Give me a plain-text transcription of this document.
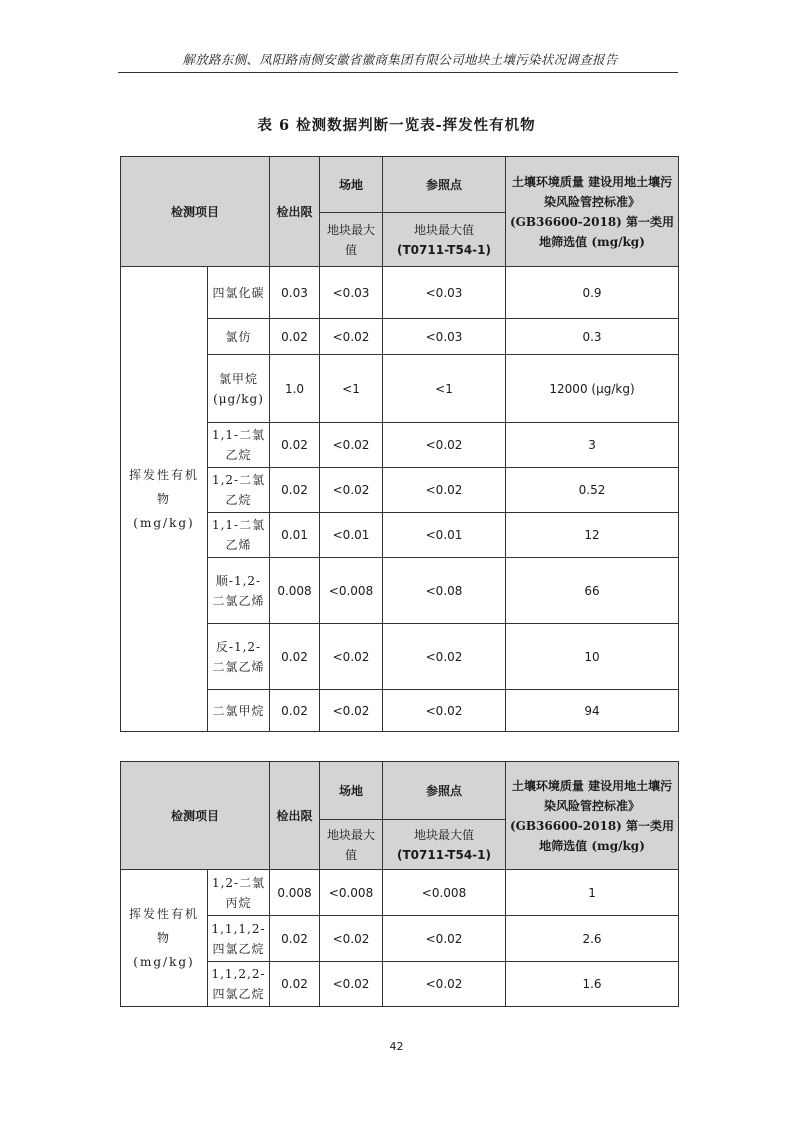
解放路东侧、凤阳路南侧安徽省徽商集团有限公司地块土壤污染状况调查报告
表 6 检测数据判断一览表-挥发性有机物
检测项目		检出限	场地	参照点	土壤环境质量 建设用地土壤污染风险管控标准》(GB36600-2018) 第一类用地筛选值 (mg/kg)
			地块最大值	地块最大值
(T0711-T54-1)	

挥发性有机物 (mg/kg)	四氯化碳	0.03	<0.03	<0.03	0.9
	氯仿	0.02	<0.02	<0.03	0.3
	氯甲烷 (μg/kg)	1.0	<1	<1	12000 (μg/kg)
	1,1-二氯乙烷	0.02	<0.02	<0.02	3
	1,2-二氯乙烷	0.02	<0.02	<0.02	0.52
	1,1-二氯乙烯	0.01	<0.01	<0.01	12
	顺-1,2-二氯乙烯	0.008	<0.008	<0.08	66
	反-1,2-二氯乙烯	0.02	<0.02	<0.02	10
	二氯甲烷	0.02	<0.02	<0.02	94
检测项目		检出限	场地	参照点	土壤环境质量 建设用地土壤污染风险管控标准》(GB36600-2018) 第一类用地筛选值 (mg/kg)
			地块最大值	地块最大值
(T0711-T54-1)	

挥发性有机物 (mg/kg)	1,2-二氯丙烷	0.008	<0.008	<0.008	1
	1,1,1,2-四氯乙烷	0.02	<0.02	<0.02	2.6
	1,1,2,2-四氯乙烷	0.02	<0.02	<0.02	1.6
42
